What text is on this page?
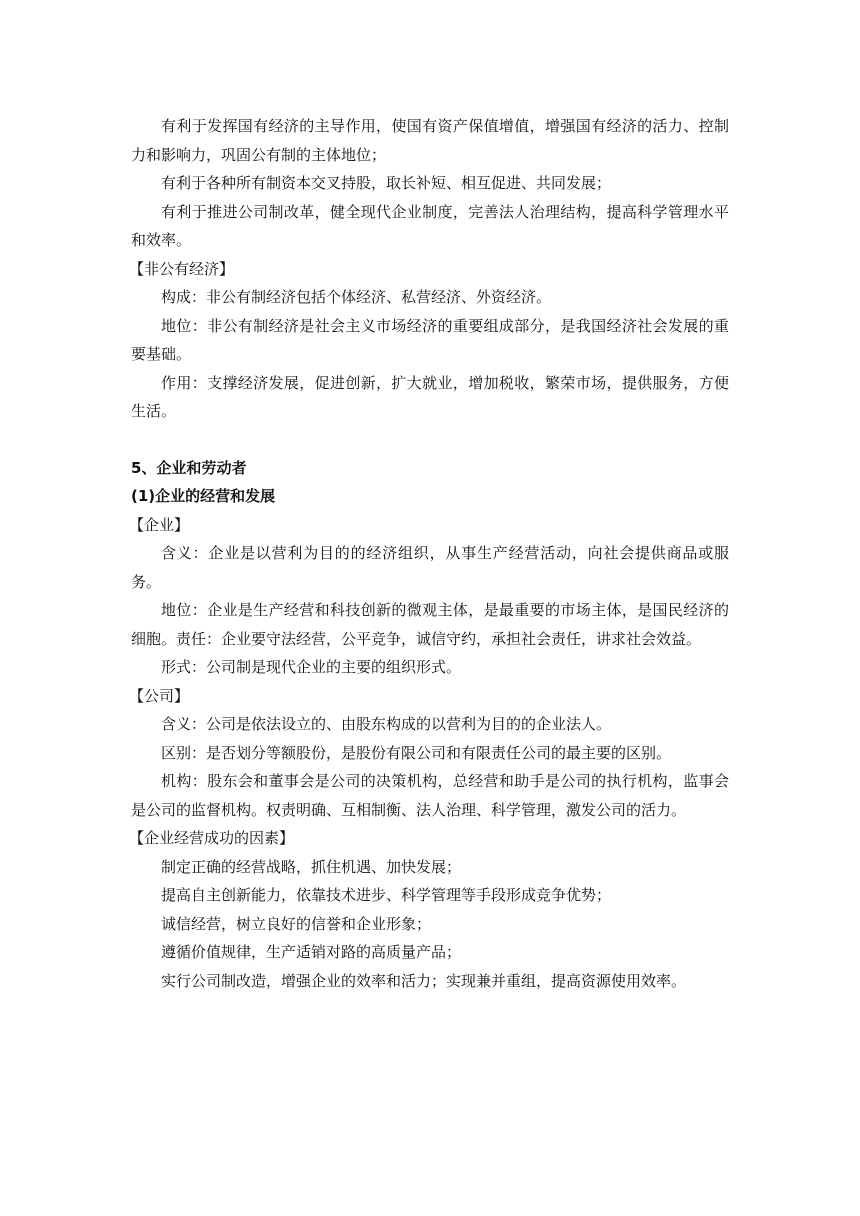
有利于发挥国有经济的主导作用，使国有资产保值增值，增强国有经济的活力、控制力和影响力，巩固公有制的主体地位；

有利于各种所有制资本交叉持股，取长补短、相互促进、共同发展；

有利于推进公司制改革，健全现代企业制度，完善法人治理结构，提高科学管理水平和效率。

【非公有经济】

构成：非公有制经济包括个体经济、私营经济、外资经济。

地位：非公有制经济是社会主义市场经济的重要组成部分，是我国经济社会发展的重要基础。

作用：支撑经济发展，促进创新，扩大就业，增加税收，繁荣市场，提供服务，方便生活。

5、企业和劳动者
(1)企业的经营和发展

【企业】

含义：企业是以营利为目的的经济组织，从事生产经营活动，向社会提供商品或服务。

地位：企业是生产经营和科技创新的微观主体，是最重要的市场主体，是国民经济的细胞。责任：企业要守法经营，公平竞争，诚信守约，承担社会责任，讲求社会效益。

形式：公司制是现代企业的主要的组织形式。

【公司】

含义：公司是依法设立的、由股东构成的以营利为目的的企业法人。

区别：是否划分等额股份，是股份有限公司和有限责任公司的最主要的区别。

机构：股东会和董事会是公司的决策机构，总经营和助手是公司的执行机构，监事会是公司的监督机构。权责明确、互相制衡、法人治理、科学管理，激发公司的活力。

【企业经营成功的因素】

制定正确的经营战略，抓住机遇、加快发展；

提高自主创新能力，依靠技术进步、科学管理等手段形成竞争优势；

诚信经营，树立良好的信誉和企业形象；

遵循价值规律，生产适销对路的高质量产品；

实行公司制改造，增强企业的效率和活力；实现兼并重组，提高资源使用效率。
